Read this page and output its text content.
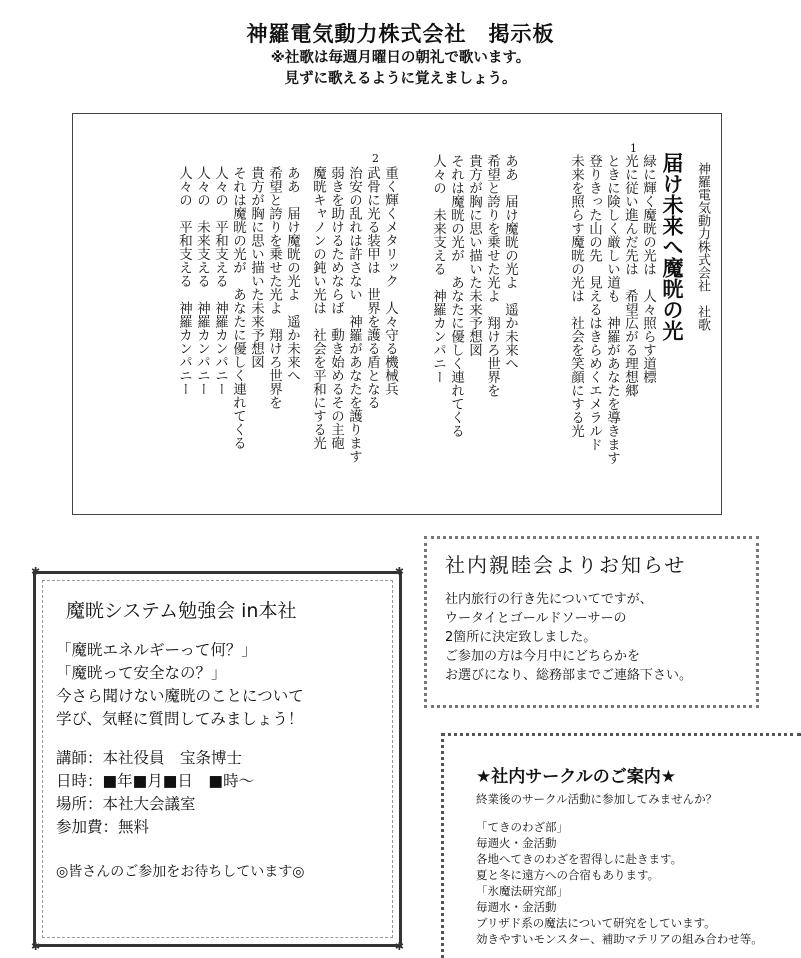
神羅電気動力株式会社　掲示板

※社歌は毎週月曜日の朝礼で歌います。

見ずに歌えるように覚えましょう。

神羅電気動力株式会社　社歌
届け未来へ魔晄の光
1
緑に輝く魔晄の光は　人々照らす道標
光に従い進んだ先は　希望広がる理想郷
ときに険しく厳しい道も　神羅があなたを導きます
登りきった山の先　見えるはきらめくエメラルド
未来を照らす魔晄の光は　社会を笑顔にする光
ああ　届け魔晄の光よ　遥か未来へ
希望と誇りを乗せた光よ　翔けろ世界を
貴方が胸に思い描いた未来予想図
それは魔晄の光が　あなたに優しく連れてくる
人々の　未来支える　神羅カンパニー
2
重く輝くメタリック　人々守る機械兵
武骨に光る装甲は　世界を護る盾となる
治安の乱れは許さない　神羅があなたを護ります
弱きを助けるためならば　動き始めるその主砲
魔晄キャノンの鈍い光は　社会を平和にする光
ああ　届け魔晄の光よ　遥か未来へ
希望と誇りを乗せた光よ　翔けろ世界を
貴方が胸に思い描いた未来予想図
それは魔晄の光が　あなたに優しく連れてくる
人々の　平和支える　神羅カンパニー
人々の　未来支える　神羅カンパニー
人々の　平和支える　神羅カンパニー

社内親睦会よりお知らせ

社内旅行の行き先についてですが、

ウータイとゴールドソーサーの

2箇所に決定致しました。

ご参加の方は今月中にどちらかを

お選びになり、総務部までご連絡下さい。

✱	✱
✱	✱

魔晄システム勉強会 in本社

「魔晄エネルギーって何？」

「魔晄って安全なの？」

今さら聞けない魔晄のことについて

学び、気軽に質問してみましょう！

講師：本社役員　宝条博士

日時：■年■月■日　■時～

場所：本社大会議室

参加費：無料

◎皆さんのご参加をお待ちしています◎

★社内サークルのご案内★

終業後のサークル活動に参加してみませんか？

「てきのわざ部」

毎週火・金活動

各地へてきのわざを習得しに赴きます。

夏と冬に遠方への合宿もあります。

「氷魔法研究部」

毎週水・金活動

ブリザド系の魔法について研究をしています。

効きやすいモンスター、補助マテリアの組み合わせ等。
